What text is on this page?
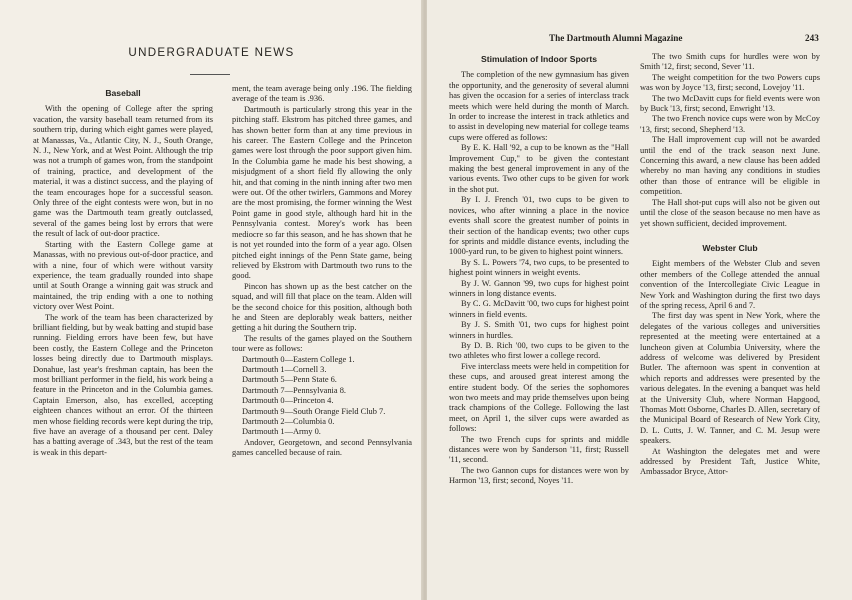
UNDERGRADUATE NEWS
Baseball

With the opening of College after the spring vacation, the varsity baseball team returned from its southern trip, during which eight games were played, at Manassas, Va., Atlantic City, N. J., South Orange, N. J., New York, and at West Point. Although the trip was not a trumph of games won, from the standpoint of training, practice, and development of the material, it was a distinct success, and the playing of the team encourages hope for a successful season. Only three of the eight contests were won, but in no game was the Dartmouth team greatly outclassed, several of the games being lost by errors that were the result of lack of out-door practice.

Starting with the Eastern College game at Manassas, with no previous out-of-door practice, and with a nine, four of which were without varsity experience, the team gradually rounded into shape until at South Orange a winning gait was struck and maintained, the trip ending with a one to nothing victory over West Point.

The work of the team has been characterized by brilliant fielding, but by weak batting and stupid base running. Fielding errors have been few, but have been costly, the Eastern College and the Princeton losses being directly due to Dartmouth misplays. Donahue, last year's freshman captain, has been the most brilliant performer in the field, his work being a feature in the Princeton and in the Columbia games. Captain Emerson, also, has excelled, accepting eighteen chances without an error. Of the thirteen men whose fielding records were kept during the trip, five have an average of a thousand per cent. Daley has a batting average of .343, but the rest of the team is weak in this depart-

ment, the team average being only .196. The fielding average of the team is .936.

Dartmouth is particularly strong this year in the pitching staff. Ekstrom has pitched three games, and has shown better form than at any time previous in his career. The Eastern College and the Princeton games were lost through the poor support given him. In the Columbia game he made his best showing, a misjudgment of a short field fly allowing the only hit, and that coming in the ninth inning after two men were out. Of the other twirlers, Gammons and Morey are the most promising, the former winning the West Point game in good style, although hard hit in the Pennsylvania contest. Morey's work has been mediocre so far this season, and he has shown that he is not yet rounded into the form of a year ago. Olsen pitched eight innings of the Penn State game, being relieved by Ekstrom with Dartmouth two runs to the good.

Pincon has shown up as the best catcher on the squad, and will fill that place on the team. Alden will be the second choice for this position, although both he and Steen are deplorably weak batters, neither getting a hit during the Southern trip.

The results of the games played on the Southern tour were as follows:

Dartmouth 0—Eastern College 1.

Dartmouth 1—Cornell 3.

Dartmouth 5—Penn State 6.

Dartmouth 7—Pennsylvania 8.

Dartmouth 0—Princeton 4.

Dartmouth 9—South Orange Field Club 7.

Dartmouth 2—Columbia 0.

Dartmouth 1—Army 0.

Andover, Georgetown, and second Pennsylvania games cancelled because of rain.

The Dartmouth Alumni Magazine	243
Stimulation of Indoor Sports

The completion of the new gymnasium has given the opportunity, and the generosity of several alumni has given the occasion for a series of interclass track meets which were held during the month of March. In order to increase the interest in track athletics and to assist in developing new material for college teams cups were offered as follows:

By E. K. Hall '92, a cup to be known as the "Hall Improvement Cup," to be given the contestant making the best general improvement in any of the various events. Two other cups to be given for work in the shot put.

By I. J. French '01, two cups to be given to novices, who after winning a place in the novice events shall score the greatest number of points in their section of the handicap events; two other cups for sprints and middle distance events, including the 1000-yard run, to be given to highest point winners.

By S. L. Powers '74, two cups, to be presented to highest point winners in weight events.

By J. W. Gannon '99, two cups for highest point winners in long distance events.

By C. G. McDavitt '00, two cups for highest point winners in field events.

By J. S. Smith '01, two cups for highest point winners in hurdles.

By D. B. Rich '00, two cups to be given to the two athletes who first lower a college record.

Five interclass meets were held in competition for these cups, and aroused great interest among the entire student body. Of the series the sophomores won two meets and may pride themselves upon being track champions of the College. Following the last meet, on April 1, the silver cups were awarded as follows:

The two French cups for sprints and middle distances were won by Sanderson '11, first; Russell '11, second.

The two Gannon cups for distances were won by Harmon '13, first; second, Noyes '11.

The two Smith cups for hurdles were won by Smith '12, first; second, Sever '11.

The weight competition for the two Powers cups was won by Joyce '13, first; second, Lovejoy '11.

The two McDavitt cups for field events were won by Buck '13, first; second, Enwright '13.

The two French novice cups were won by McCoy '13, first; second, Shepherd '13.

The Hall improvement cup will not be awarded until the end of the track season next June. Concerning this award, a new clause has been added whereby no man having any conditions in studies other than those of entrance will be eligible in competition.

The Hall shot-put cups will also not be given out until the close of the season because no men have as yet shown sufficient, decided improvement.

Webster Club

Eight members of the Webster Club and seven other members of the College attended the annual convention of the Intercollegiate Civic League in New York and Washington during the first two days of the spring recess, April 6 and 7.

The first day was spent in New York, where the delegates of the various colleges and universities represented at the meeting were entertained at a luncheon given at Columbia University, where the address of welcome was delivered by President Butler. The afternoon was spent in convention at which reports and addresses were presented by the various delegates. In the evening a banquet was held at the University Club, where Norman Hapgood, Thomas Mott Osborne, Charles D. Allen, secretary of the Municipal Board of Research of New York City, D. L. Cutts, J. W. Tanner, and C. M. Jesup were speakers.

At Washington the delegates met and were addressed by President Taft, Justice White, Ambassador Bryce, Attor-
